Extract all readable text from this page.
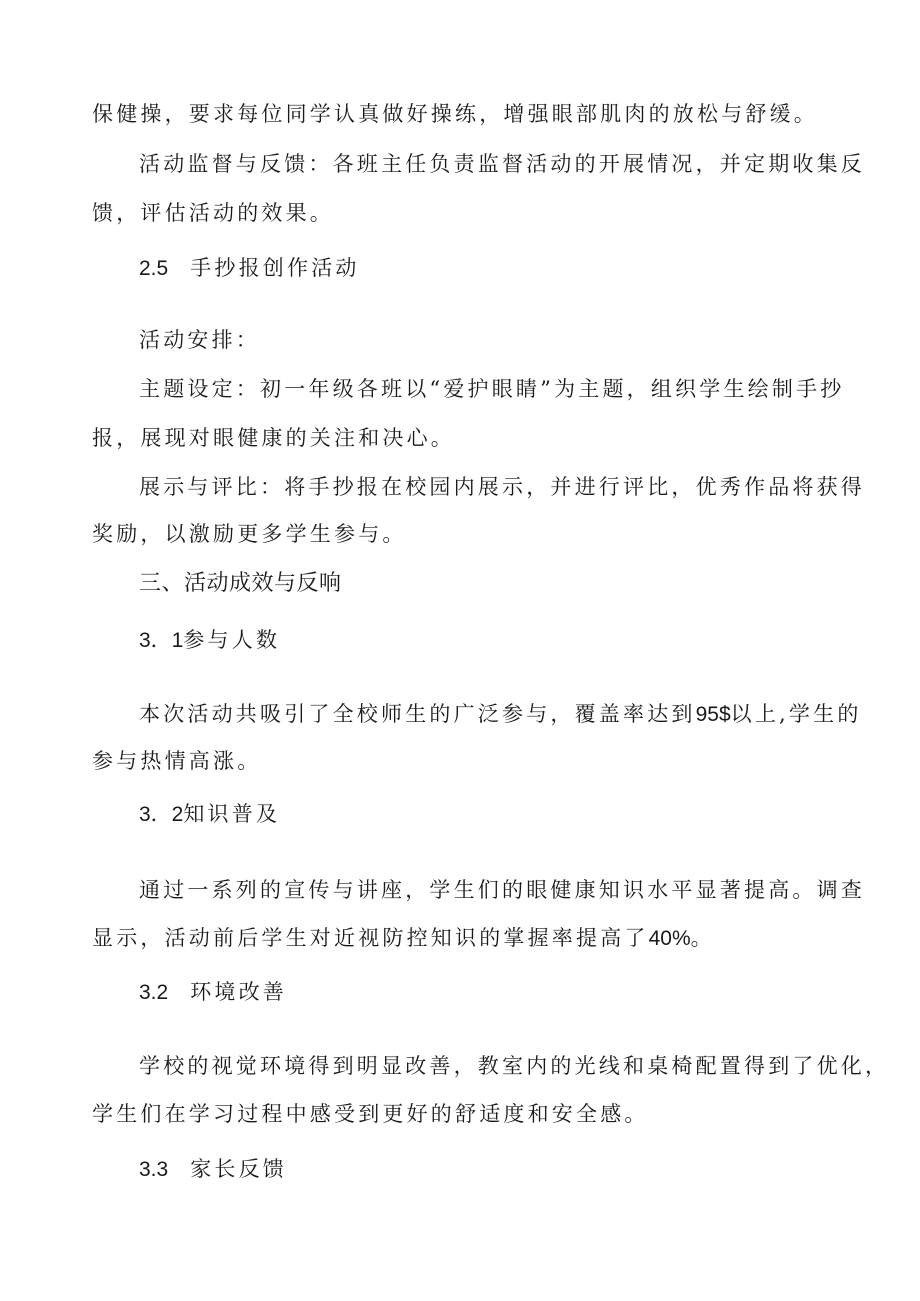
保健操，要求每位同学认真做好操练，增强眼部肌肉的放松与舒缓。
活动监督与反馈：各班主任负责监督活动的开展情况，并定期收集反
馈，评估活动的效果。
2.5 手抄报创作活动
活动安排：
主题设定：初一年级各班以“爱护眼睛”为主题，组织学生绘制手抄
报，展现对眼健康的关注和决心。
展示与评比：将手抄报在校园内展示，并进行评比，优秀作品将获得
奖励，以激励更多学生参与。
三、活动成效与反响
3．1参与人数
本次活动共吸引了全校师生的广泛参与，覆盖率达到95$以上,学生的
参与热情高涨。
3．2知识普及
通过一系列的宣传与讲座，学生们的眼健康知识水平显著提高。调查
显示，活动前后学生对近视防控知识的掌握率提高了40%。
3.2 环境改善
学校的视觉环境得到明显改善，教室内的光线和桌椅配置得到了优化，
学生们在学习过程中感受到更好的舒适度和安全感。
3.3 家长反馈
